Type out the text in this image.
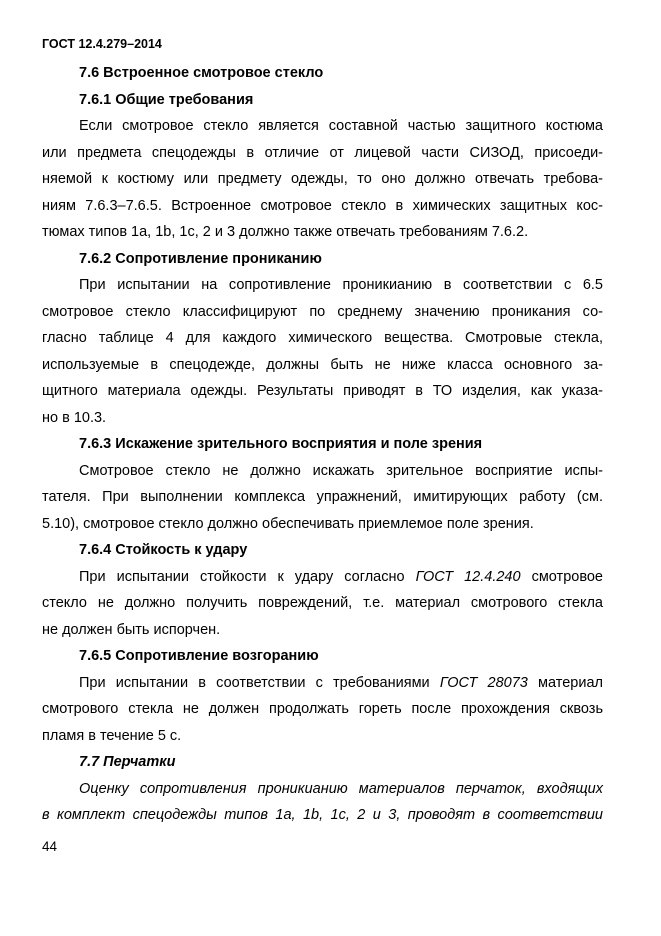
ГОСТ 12.4.279–2014
7.6 Встроенное смотровое стекло
7.6.1 Общие требования
Если смотровое стекло является составной частью защитного костюма
или предмета спецодежды в отличие от лицевой части СИЗОД, присоеди-
няемой к костюму или предмету одежды, то оно должно отвечать требова-
ниям 7.6.3–7.6.5. Встроенное смотровое стекло в химических защитных кос-
тюмах типов 1а, 1b, 1с, 2 и 3 должно также отвечать требованиям 7.6.2.
7.6.2 Сопротивление прониканию
При испытании на сопротивление проникианию в соответствии с 6.5
смотровое стекло классифицируют по среднему значению проникания со-
гласно таблице 4 для каждого химического вещества. Смотровые стекла,
используемые в спецодежде, должны быть не ниже класса основного за-
щитного материала одежды. Результаты приводят в ТО изделия, как указа-
но в 10.3.
7.6.3 Искажение зрительного восприятия и поле зрения
Смотровое стекло не должно искажать зрительное восприятие испы-
тателя. При выполнении комплекса упражнений, имитирующих работу (см.
5.10), смотровое стекло должно обеспечивать приемлемое поле зрения.
7.6.4 Стойкость к удару
При испытании стойкости к удару согласно ГОСТ 12.4.240 смотровое
стекло не должно получить повреждений, т.е. материал смотрового стекла
не должен быть испорчен.
7.6.5 Сопротивление возгоранию
При испытании в соответствии с требованиями ГОСТ 28073 материал
смотрового стекла не должен продолжать гореть после прохождения сквозь
пламя в течение 5 с.
7.7 Перчатки
Оценку сопротивления проникианию материалов перчаток, входящих
в комплект спецодежды типов 1а, 1b, 1с, 2 и 3, проводят в соответствии
44
